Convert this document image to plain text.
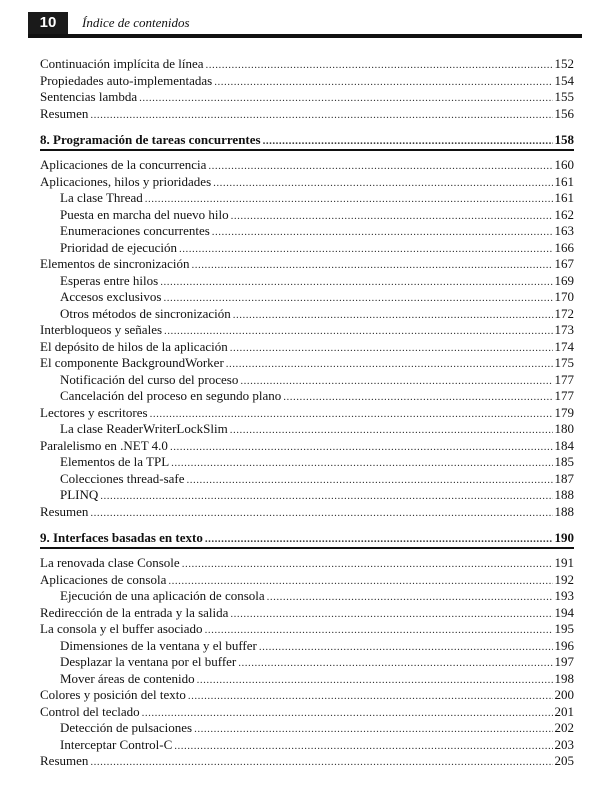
10	Índice de contenidos
Continuación implícita de línea .....	152
Propiedades auto-implementadas .....	154
Sentencias lambda .....	155
Resumen .....	156
8. Programación de tareas concurrentes .....	158
Aplicaciones de la concurrencia .....	160
Aplicaciones, hilos y prioridades .....	161
La clase Thread .....	161
Puesta en marcha del nuevo hilo .....	162
Enumeraciones concurrentes .....	163
Prioridad de ejecución .....	166
Elementos de sincronización .....	167
Esperas entre hilos .....	169
Accesos exclusivos .....	170
Otros métodos de sincronización .....	172
Interbloqueos y señales .....	173
El depósito de hilos de la aplicación .....	174
El componente BackgroundWorker .....	175
Notificación del curso del proceso .....	177
Cancelación del proceso en segundo plano .....	177
Lectores y escritores .....	179
La clase ReaderWriterLockSlim .....	180
Paralelismo en .NET 4.0 .....	184
Elementos de la TPL .....	185
Colecciones thread-safe .....	187
PLINQ .....	188
Resumen .....	188
9. Interfaces basadas en texto .....	190
La renovada clase Console .....	191
Aplicaciones de consola .....	192
Ejecución de una aplicación de consola .....	193
Redirección de la entrada y la salida .....	194
La consola y el buffer asociado .....	195
Dimensiones de la ventana y el buffer .....	196
Desplazar la ventana por el buffer .....	197
Mover áreas de contenido .....	198
Colores y posición del texto .....	200
Control del teclado .....	201
Detección de pulsaciones .....	202
Interceptar Control-C .....	203
Resumen .....	205
